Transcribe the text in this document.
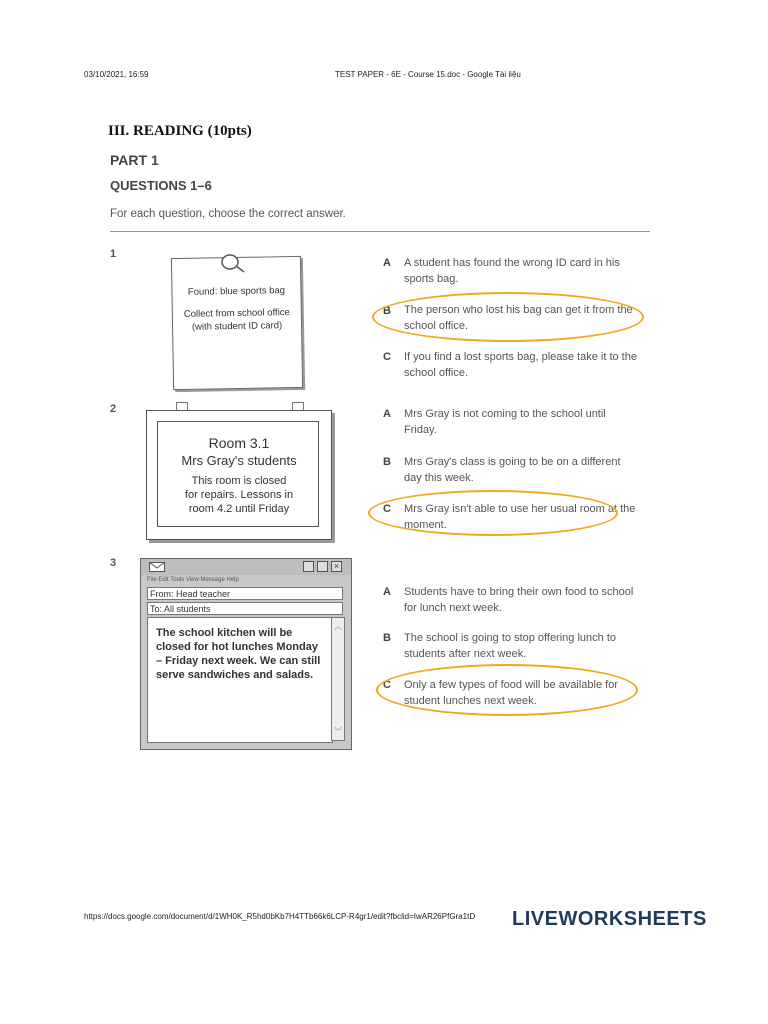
03/10/2021, 16:59	TEST PAPER - 6E - Course 15.doc - Google Tài liệu
III. READING (10pts)
PART 1
QUESTIONS 1–6
For each question, choose the correct answer.
1
Found: blue sports bag
Collect from school office
(with student ID card)
A A student has found the wrong ID card in his sports bag.
B The person who lost his bag can get it from the school office.
C If you find a lost sports bag, please take it to the school office.
2
Room 3.1
Mrs Gray's students
This room is closed
for repairs. Lessons in
room 4.2 until Friday
A Mrs Gray is not coming to the school until Friday.
B Mrs Gray's class is going to be on a different day this week.
C Mrs Gray isn't able to use her usual room at the moment.
3	×
File Edit Tools View Message Help
From: Head teacher
To: All students
The school kitchen will be closed for hot lunches Monday – Friday next week. We can still serve sandwiches and salads.
︿
﹀
A Students have to bring their own food to school for lunch next week.
B The school is going to stop offering lunch to students after next week.
C Only a few types of food will be available for student lunches next week.
https://docs.google.com/document/d/1WH0K_R5hd0bKb7H4TTb66k6LCP-R4gr1/edit?fbclid=IwAR26PfGra1tD LIVEWORKSHEETS
